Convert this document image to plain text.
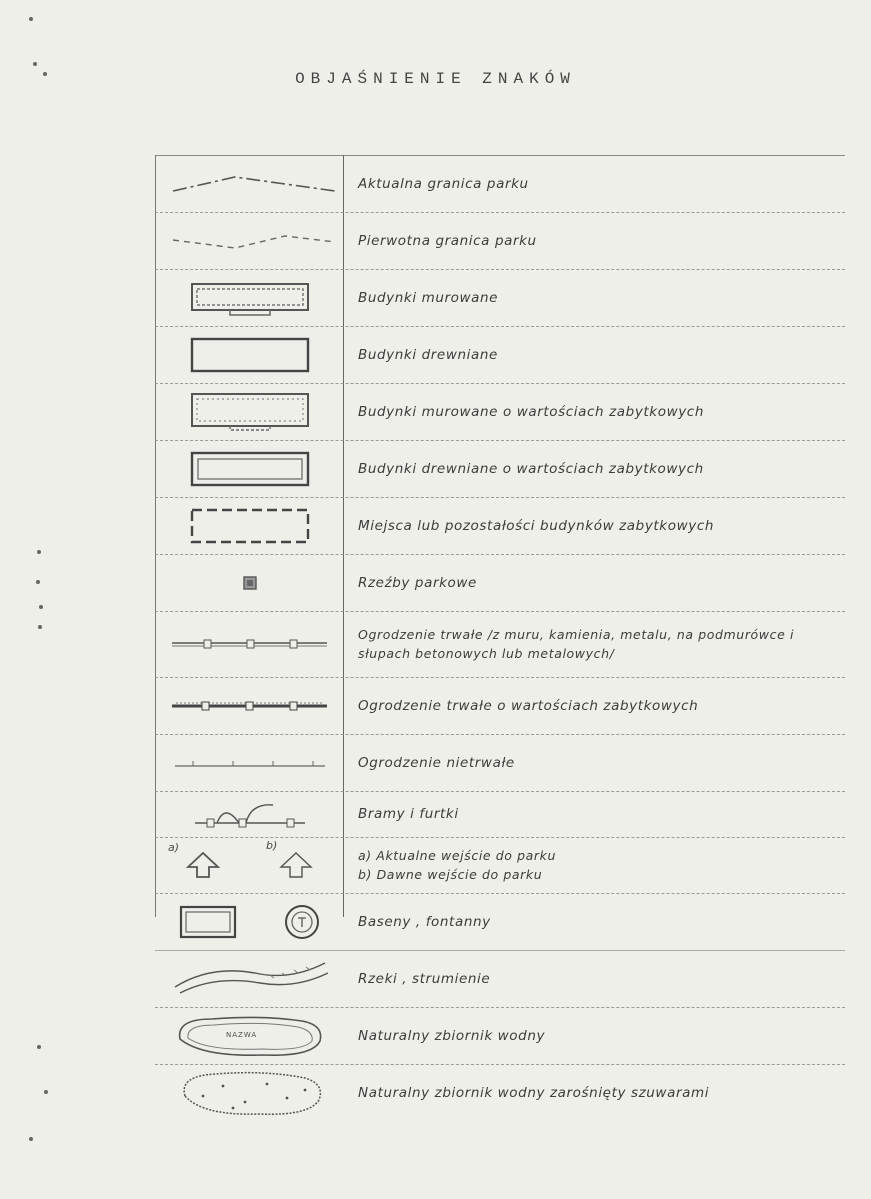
OBJAŚNIENIE ZNAKÓW
Aktualna granica parku
Pierwotna granica parku
Budynki murowane
Budynki drewniane
Budynki murowane o wartościach zabytkowych
Budynki drewniane o wartościach zabytkowych
Miejsca lub pozostałości budynków zabytkowych
Rzeźby parkowe
Ogrodzenie trwałe /z muru, kamienia, metalu, na podmurówce i słupach betonowych lub metalowych/
Ogrodzenie trwałe o wartościach zabytkowych
Ogrodzenie nietrwałe
Bramy i furtki
a)	b)
a) Aktualne wejście do parku
b) Dawne wejście do parku
Baseny , fontanny
Rzeki , strumienie
NAZWA	Naturalny zbiornik wodny
Naturalny zbiornik wodny zarośnięty szuwarami
